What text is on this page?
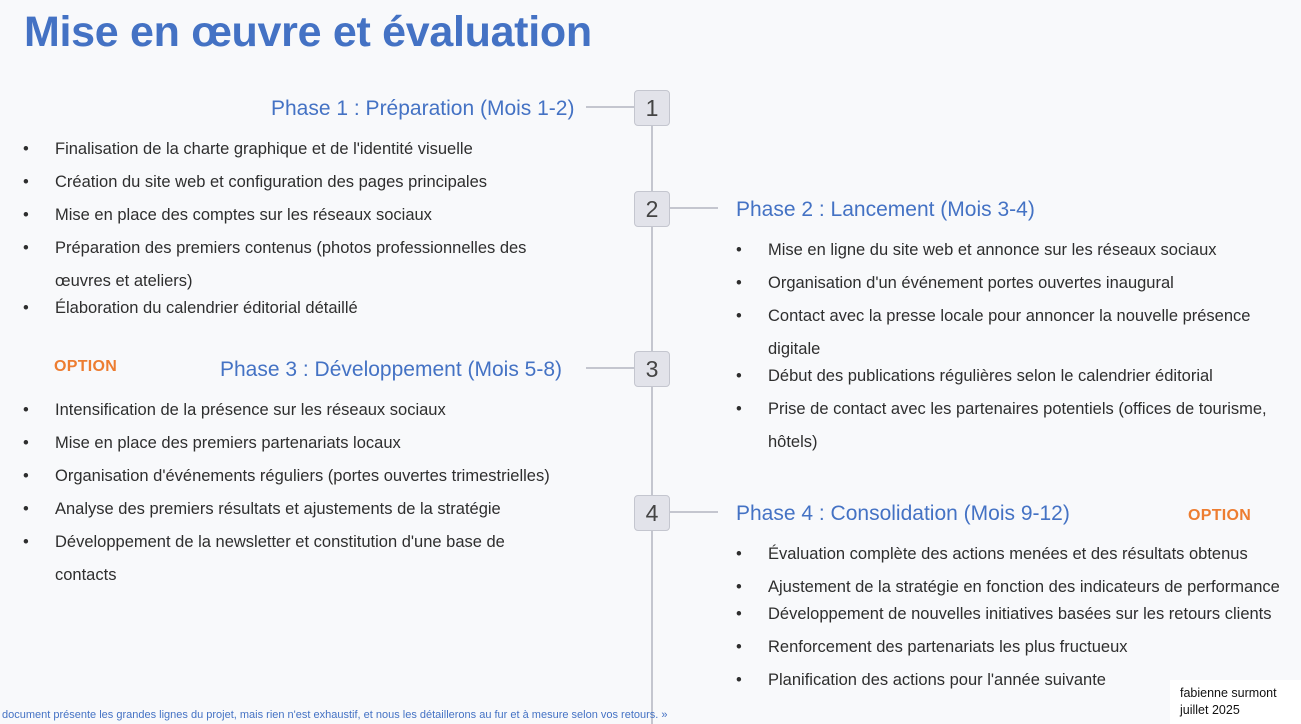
Mise en œuvre et évaluation
1
Phase 1 : Préparation (Mois 1-2)
• Finalisation de la charte graphique et de l'identité visuelle
• Création du site web et configuration des pages principales
• Mise en place des comptes sur les réseaux sociaux
• Préparation des premiers contenus (photos professionnelles des œuvres et ateliers)
• Élaboration du calendrier éditorial détaillé
2	Phase 2 : Lancement (Mois 3-4)
• Mise en ligne du site web et annonce sur les réseaux sociaux
• Organisation d'un événement portes ouvertes inaugural
• Contact avec la presse locale pour annoncer la nouvelle présence digitale
• Début des publications régulières selon le calendrier éditorial
• Prise de contact avec les partenaires potentiels (offices de tourisme, hôtels)
OPTION	3
Phase 3 : Développement (Mois 5-8)
• Intensification de la présence sur les réseaux sociaux
• Mise en place des premiers partenariats locaux
• Organisation d'événements réguliers (portes ouvertes trimestrielles)
• Analyse des premiers résultats et ajustements de la stratégie
• Développement de la newsletter et constitution d'une base de contacts
4	Phase 4 : Consolidation (Mois 9-12)	OPTION
• Évaluation complète des actions menées et des résultats obtenus
• Ajustement de la stratégie en fonction des indicateurs de performance
• Développement de nouvelles initiatives basées sur les retours clients
• Renforcement des partenariats les plus fructueux
• Planification des actions pour l'année suivante
document présente les grandes lignes du projet, mais rien n'est exhaustif, et nous les détaillerons au fur et à mesure selon vos retours. »
fabienne surmont
juillet 2025
